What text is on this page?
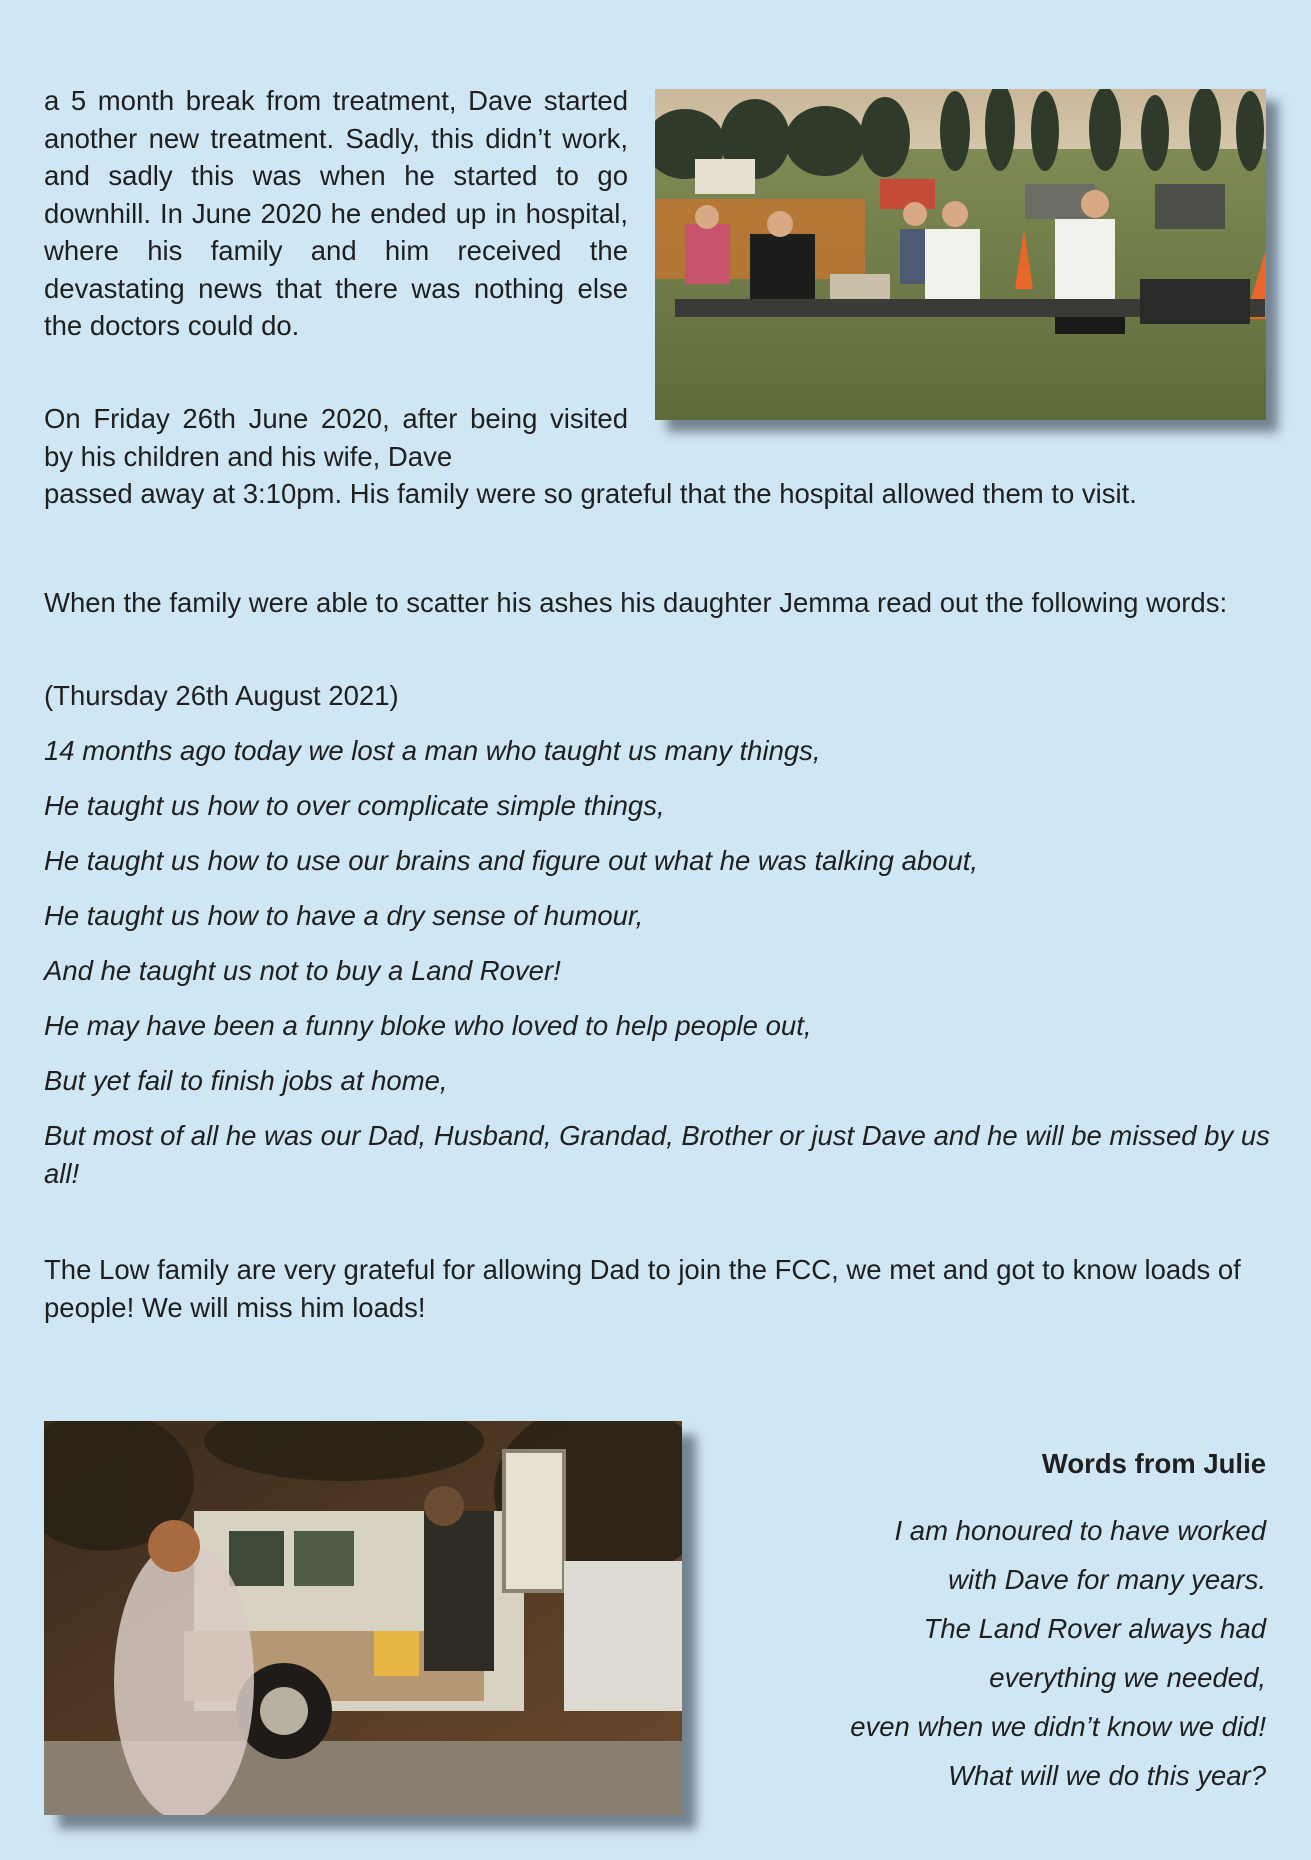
a 5 month break from treatment, Dave started another new treatment. Sadly, this didn’t work, and sadly this was when he started to go downhill. In June 2020 he ended up in hospital, where his family and him received the devastating news that there was nothing else the doctors could do.

On Friday 26th June 2020, after being visited by his children and his wife, Dave

passed away at 3:10pm. His family were so grateful that the hospital allowed them to visit.

When the family were able to scatter his ashes his daughter Jemma read out the following words:

(Thursday 26th August 2021)

14 months ago today we lost a man who taught us many things,

He taught us how to over complicate simple things,

He taught us how to use our brains and figure out what he was talking about,

He taught us how to have a dry sense of humour,

And he taught us not to buy a Land Rover!

He may have been a funny bloke who loved to help people out,

But yet fail to finish jobs at home,

But most of all he was our Dad, Husband, Grandad, Brother or just Dave and he will be missed by us all!

The Low family are very grateful for allowing Dad to join the FCC, we met and got to know loads of people! We will miss him loads!

Words from Julie
I am honoured to have worked
with Dave for many years.
The Land Rover always had
everything we needed,
even when we didn’t know we did!
What will we do this year?
